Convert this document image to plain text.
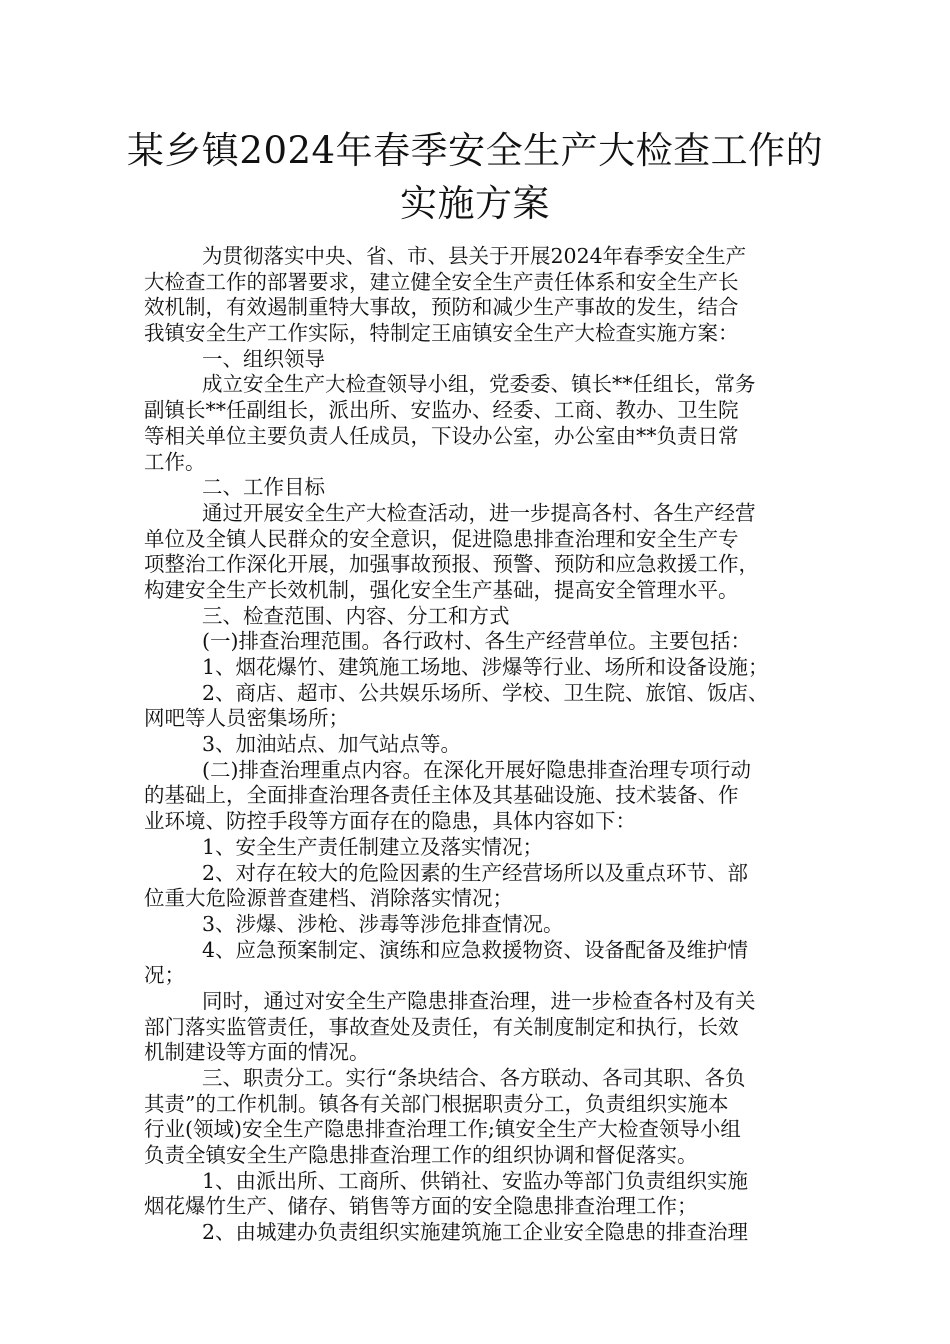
某乡镇2024年春季安全生产大检查工作的
实施方案
为贯彻落实中央、省、市、县关于开展2024年春季安全生产
大检查工作的部署要求，建立健全安全生产责任体系和安全生产长
效机制，有效遏制重特大事故，预防和减少生产事故的发生，结合
我镇安全生产工作实际，特制定王庙镇安全生产大检查实施方案：
一、组织领导
成立安全生产大检查领导小组，党委委、镇长**任组长，常务
副镇长**任副组长，派出所、安监办、经委、工商、教办、卫生院
等相关单位主要负责人任成员，下设办公室，办公室由**负责日常
工作。
二、工作目标
通过开展安全生产大检查活动，进一步提高各村、各生产经营
单位及全镇人民群众的安全意识，促进隐患排查治理和安全生产专
项整治工作深化开展，加强事故预报、预警、预防和应急救援工作，
构建安全生产长效机制，强化安全生产基础，提高安全管理水平。
三、检查范围、内容、分工和方式
(一)排查治理范围。各行政村、各生产经营单位。主要包括：
1、烟花爆竹、建筑施工场地、涉爆等行业、场所和设备设施；
2、商店、超市、公共娱乐场所、学校、卫生院、旅馆、饭店、
网吧等人员密集场所；
3、加油站点、加气站点等。
(二)排查治理重点内容。在深化开展好隐患排查治理专项行动
的基础上，全面排查治理各责任主体及其基础设施、技术装备、作
业环境、防控手段等方面存在的隐患，具体内容如下：
1、安全生产责任制建立及落实情况；
2、对存在较大的危险因素的生产经营场所以及重点环节、部
位重大危险源普查建档、消除落实情况；
3、涉爆、涉枪、涉毒等涉危排查情况。
4、应急预案制定、演练和应急救援物资、设备配备及维护情
况；
同时，通过对安全生产隐患排查治理，进一步检查各村及有关
部门落实监管责任，事故查处及责任，有关制度制定和执行，长效
机制建设等方面的情况。
三、职责分工。实行“条块结合、各方联动、各司其职、各负
其责”的工作机制。镇各有关部门根据职责分工，负责组织实施本
行业(领域)安全生产隐患排查治理工作;镇安全生产大检查领导小组
负责全镇安全生产隐患排查治理工作的组织协调和督促落实。
1、由派出所、工商所、供销社、安监办等部门负责组织实施
烟花爆竹生产、储存、销售等方面的安全隐患排查治理工作；
2、由城建办负责组织实施建筑施工企业安全隐患的排查治理
